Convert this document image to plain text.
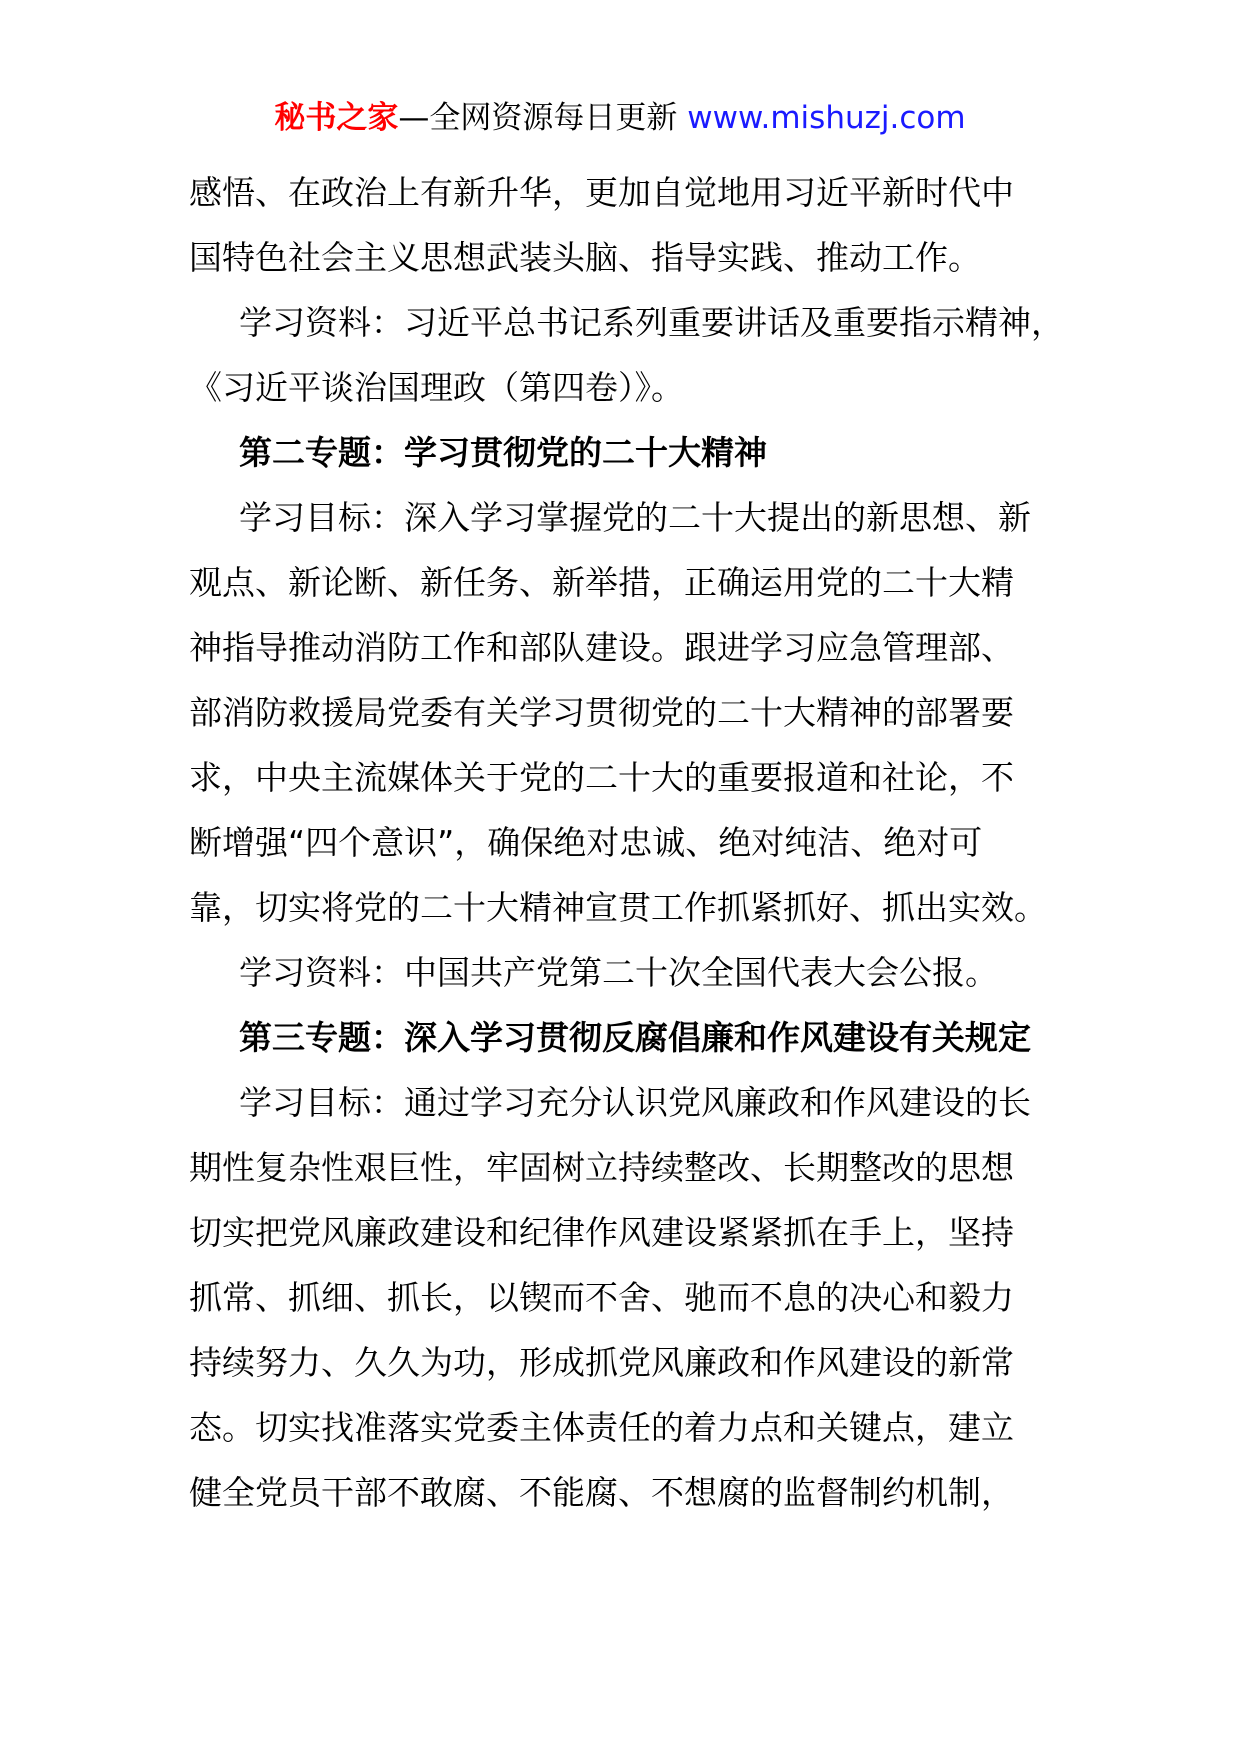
秘书之家—全网资源每日更新 www.mishuzj.com
感悟、在政治上有新升华，更加自觉地用习近平新时代中
国特色社会主义思想武装头脑、指导实践、推动工作。
学习资料：习近平总书记系列重要讲话及重要指示精神，
《习近平谈治国理政（第四卷）》。
第二专题：学习贯彻党的二十大精神
学习目标：深入学习掌握党的二十大提出的新思想、新
观点、新论断、新任务、新举措，正确运用党的二十大精
神指导推动消防工作和部队建设。跟进学习应急管理部、
部消防救援局党委有关学习贯彻党的二十大精神的部署要
求，中央主流媒体关于党的二十大的重要报道和社论，不
断增强“四个意识”，确保绝对忠诚、绝对纯洁、绝对可
靠，切实将党的二十大精神宣贯工作抓紧抓好、抓出实效。
学习资料：中国共产党第二十次全国代表大会公报。
第三专题：深入学习贯彻反腐倡廉和作风建设有关规定
学习目标：通过学习充分认识党风廉政和作风建设的长
期性复杂性艰巨性，牢固树立持续整改、长期整改的思想
切实把党风廉政建设和纪律作风建设紧紧抓在手上，坚持
抓常、抓细、抓长，以锲而不舍、驰而不息的决心和毅力
持续努力、久久为功，形成抓党风廉政和作风建设的新常
态。切实找准落实党委主体责任的着力点和关键点，建立
健全党员干部不敢腐、不能腐、不想腐的监督制约机制，
